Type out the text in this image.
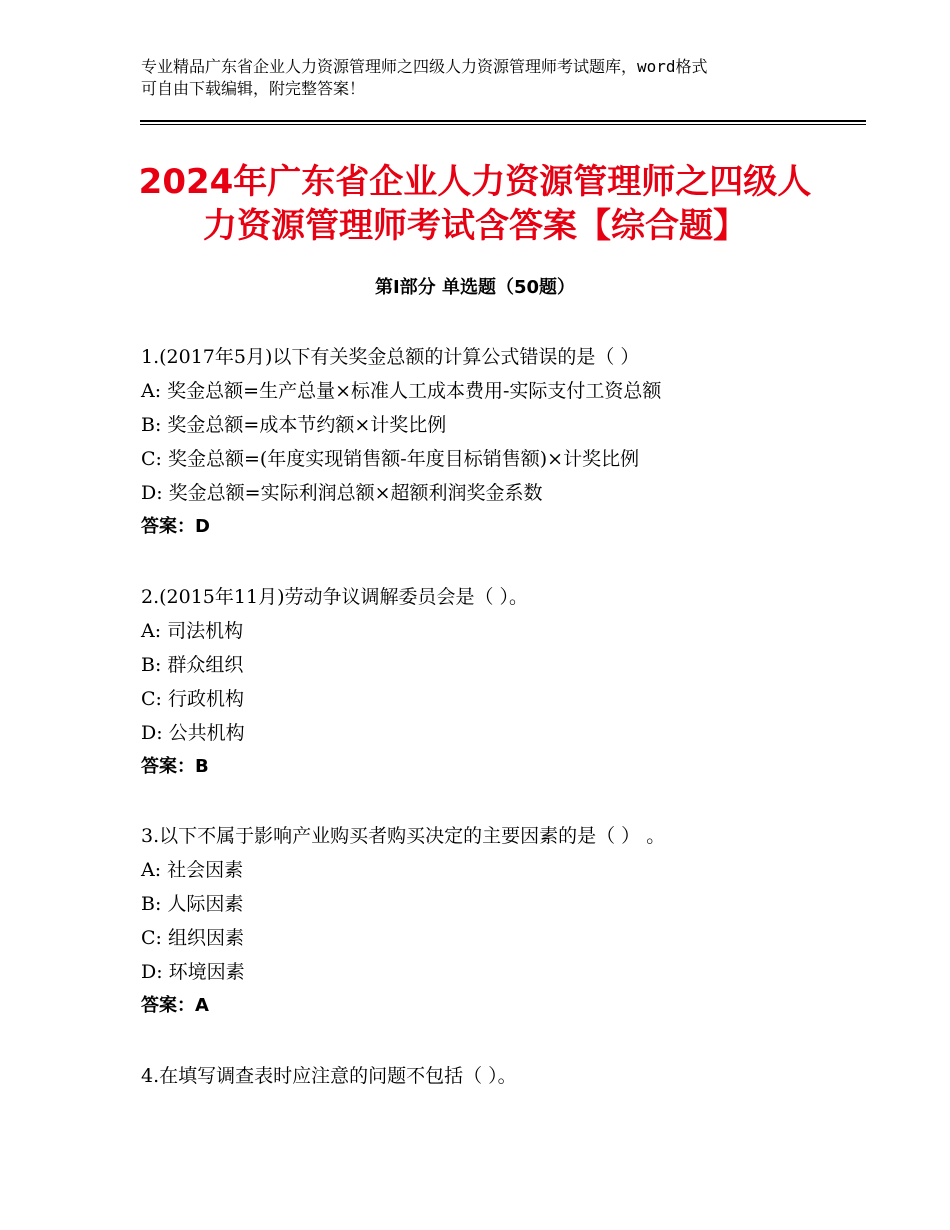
专业精品广东省企业人力资源管理师之四级人力资源管理师考试题库，word格式
可自由下载编辑，附完整答案！
2024年广东省企业人力资源管理师之四级人
力资源管理师考试含答案【综合题】
第Ⅰ部分 单选题（50题）
1.(2017年5月)以下有关奖金总额的计算公式错误的是（ ）
A: 奖金总额=生产总量×标准人工成本费用-实际支付工资总额
B: 奖金总额=成本节约额×计奖比例
C: 奖金总额=(年度实现销售额-年度目标销售额)×计奖比例
D: 奖金总额=实际利润总额×超额利润奖金系数
答案：D
2.(2015年11月)劳动争议调解委员会是（ ）。
A: 司法机构
B: 群众组织
C: 行政机构
D: 公共机构
答案：B
3.以下不属于影响产业购买者购买决定的主要因素的是（ ） 。
A: 社会因素
B: 人际因素
C: 组织因素
D: 环境因素
答案：A
4.在填写调查表时应注意的问题不包括（ ）。
